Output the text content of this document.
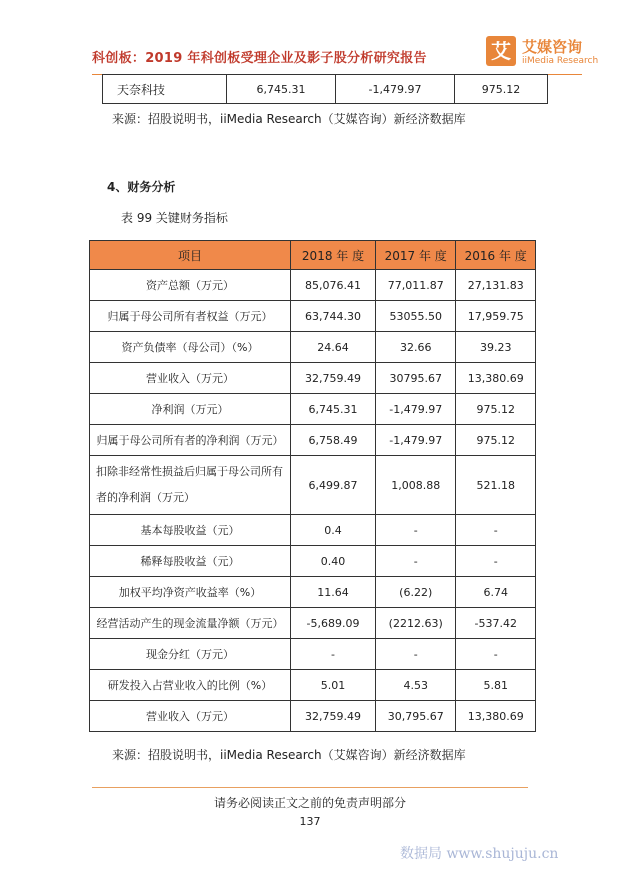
科创板：2019 年科创板受理企业及影子股分析研究报告	艾 艾媒咨询
iiMedia Research
天奈科技	6,745.31	-1,479.97	975.12
来源：招股说明书，iiMedia Research（艾媒咨询）新经济数据库
4、财务分析
表 99 关键财务指标
项目	2018 年 度	2017 年 度	2016 年 度
资产总额（万元）	85,076.41	77,011.87	27,131.83
归属于母公司所有者权益（万元）	63,744.30	53055.50	17,959.75
资产负债率（母公司）（%）	24.64	32.66	39.23
营业收入（万元）	32,759.49	30795.67	13,380.69
净利润（万元）	6,745.31	-1,479.97	975.12
归属于母公司所有者的净利润（万元）	6,758.49	-1,479.97	975.12
扣除非经常性损益后归属于母公司所有者的净利润（万元）	6,499.87	1,008.88	521.18
基本每股收益（元）	0.4	-	-
稀释每股收益（元）	0.40	-	-
加权平均净资产收益率（%）	11.64	(6.22)	6.74
经营活动产生的现金流量净额（万元）	-5,689.09	(2212.63)	-537.42
现金分红（万元）	-	-	-
研发投入占营业收入的比例（%）	5.01	4.53	5.81
营业收入（万元）	32,759.49	30,795.67	13,380.69
来源：招股说明书，iiMedia Research（艾媒咨询）新经济数据库
请务必阅读正文之前的免责声明部分
137
数据局 www.shujuju.cn
